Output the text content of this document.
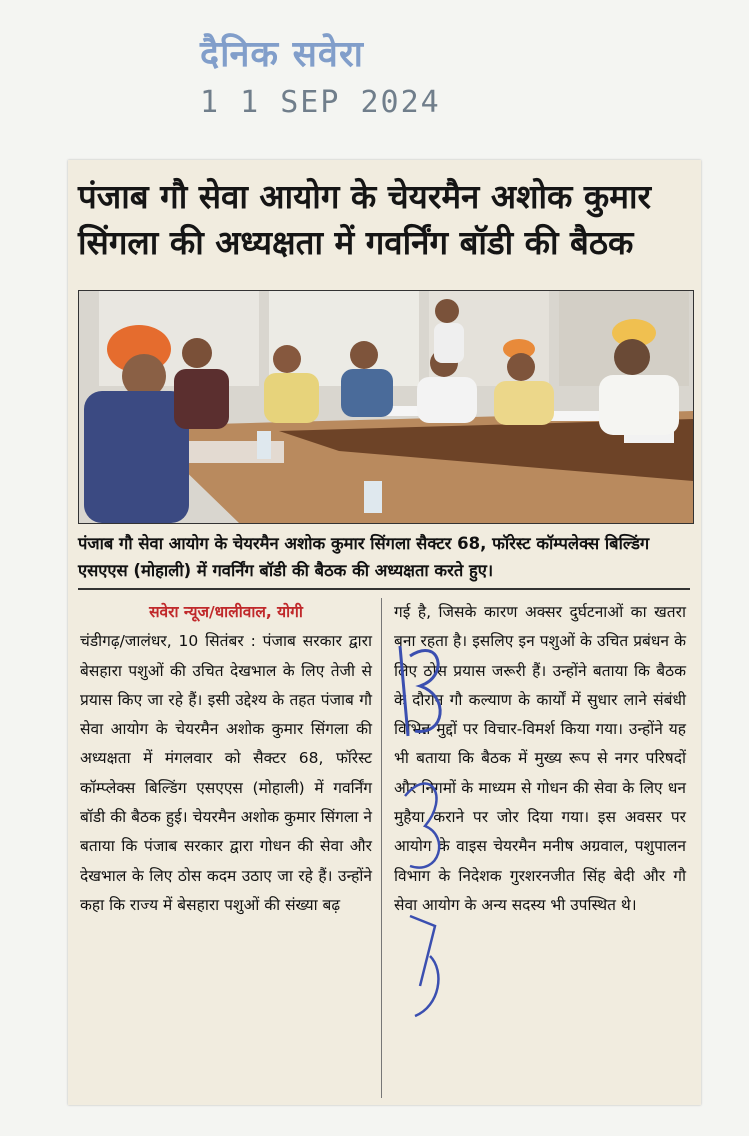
दैनिक सवेरा
1 1 SEP 2024
पंजाब गौ सेवा आयोग के चेयरमैन अशोक कुमार सिंगला की अध्यक्षता में गवर्निंग बॉडी की बैठक
पंजाब गौ सेवा आयोग के चेयरमैन अशोक कुमार सिंगला सैक्टर 68, फॉरेस्ट कॉम्पलेक्स बिल्डिंग एसएएस (मोहाली) में गवर्निंग बॉडी की बैठक की अध्यक्षता करते हुए।
सवेरा न्यूज/धालीवाल, योगी
चंडीगढ़/जालंधर, 10 सितंबर : पंजाब सरकार द्वारा बेसहारा पशुओं की उचित देखभाल के लिए तेजी से प्रयास किए जा रहे हैं। इसी उद्देश्य के तहत पंजाब गौ सेवा आयोग के चेयरमैन अशोक कुमार सिंगला की अध्यक्षता में मंगलवार को सैक्टर 68, फॉरेस्ट कॉम्प्लेक्स बिल्डिंग एसएएस (मोहाली) में गवर्निंग बॉडी की बैठक हुई। चेयरमैन अशोक कुमार सिंगला ने बताया कि पंजाब सरकार द्वारा गोधन की सेवा और देखभाल के लिए ठोस कदम उठाए जा रहे हैं। उन्होंने कहा कि राज्य में बेसहारा पशुओं की संख्या बढ़
गई है, जिसके कारण अक्सर दुर्घटनाओं का खतरा बना रहता है। इसलिए इन पशुओं के उचित प्रबंधन के लिए ठोस प्रयास जरूरी हैं। उन्होंने बताया कि बैठक के दौरान गौ कल्याण के कार्यों में सुधार लाने संबंधी विभिन्न मुद्दों पर विचार-विमर्श किया गया। उन्होंने यह भी बताया कि बैठक में मुख्य रूप से नगर परिषदों और निगमों के माध्यम से गोधन की सेवा के लिए धन मुहैया कराने पर जोर दिया गया। इस अवसर पर आयोग के वाइस चेयरमैन मनीष अग्रवाल, पशुपालन विभाग के निदेशक गुरशरनजीत सिंह बेदी और गौ सेवा आयोग के अन्य सदस्य भी उपस्थित थे।
